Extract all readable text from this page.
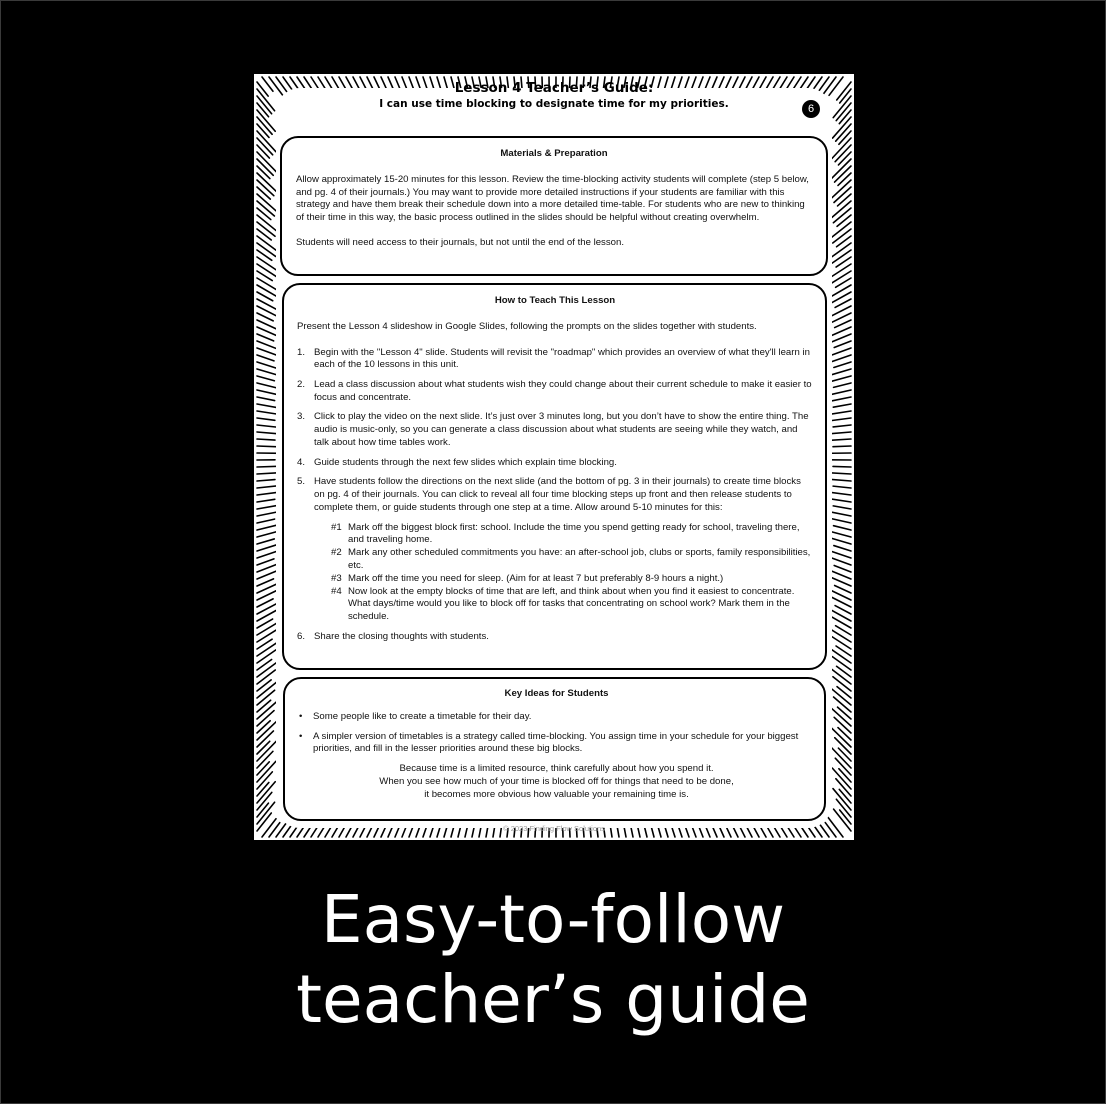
Lesson 4 Teacher’s Guide:
I can use time blocking to designate time for my priorities.	6
Materials & Preparation

Allow approximately 15-20 minutes for this lesson. Review the time-blocking activity students will complete (step 5 below, and pg. 4 of their journals.) You may want to provide more detailed instructions if your students are familiar with this strategy and have them break their schedule down into a more detailed time-table. For students who are new to thinking of their time in this way, the basic process outlined in the slides should be helpful without creating overwhelm.

Students will need access to their journals, but not until the end of the lesson.

How to Teach This Lesson

Present the Lesson 4 slideshow in Google Slides, following the prompts on the slides together with students.

1. Begin with the "Lesson 4" slide. Students will revisit the "roadmap" which provides an overview of what they'll learn in each of the 10 lessons in this unit.
2. Lead a class discussion about what students wish they could change about their current schedule to make it easier to focus and concentrate.
3. Click to play the video on the next slide. It’s just over 3 minutes long, but you don’t have to show the entire thing. The audio is music-only, so you can generate a class discussion about what students are seeing while they watch, and talk about how time tables work.
4. Guide students through the next few slides which explain time blocking.
5. Have students follow the directions on the next slide (and the bottom of pg. 3 in their journals) to create time blocks on pg. 4 of their journals. You can click to reveal all four time blocking steps up front and then release students to complete them, or guide students through one step at a time. Allow around 5-10 minutes for this:
#1 Mark off the biggest block first: school. Include the time you spend getting ready for school, traveling there, and traveling home.
#2 Mark any other scheduled commitments you have: an after-school job, clubs or sports, family responsibilities, etc.
#3 Mark off the time you need for sleep. (Aim for at least 7 but preferably 8-9 hours a night.)
#4 Now look at the empty blocks of time that are left, and think about when you find it easiest to concentrate. What days/time would you like to block off for tasks that concentrating on school work? Mark them in the schedule.
6. Share the closing thoughts with students.
Key Ideas for Students
• Some people like to create a timetable for their day.
• A simpler version of timetables is a strategy called time-blocking. You assign time in your schedule for your biggest priorities, and fill in the lesser priorities around these big blocks.
Because time is a limited resource, think carefully about how you spend it.
When you see how much of your time is blocked off for things that need to be done,
it becomes more obvious how valuable your remaining time is.
© 2023 Finding Flow Solutions
Easy-to-follow
teacher’s guide
